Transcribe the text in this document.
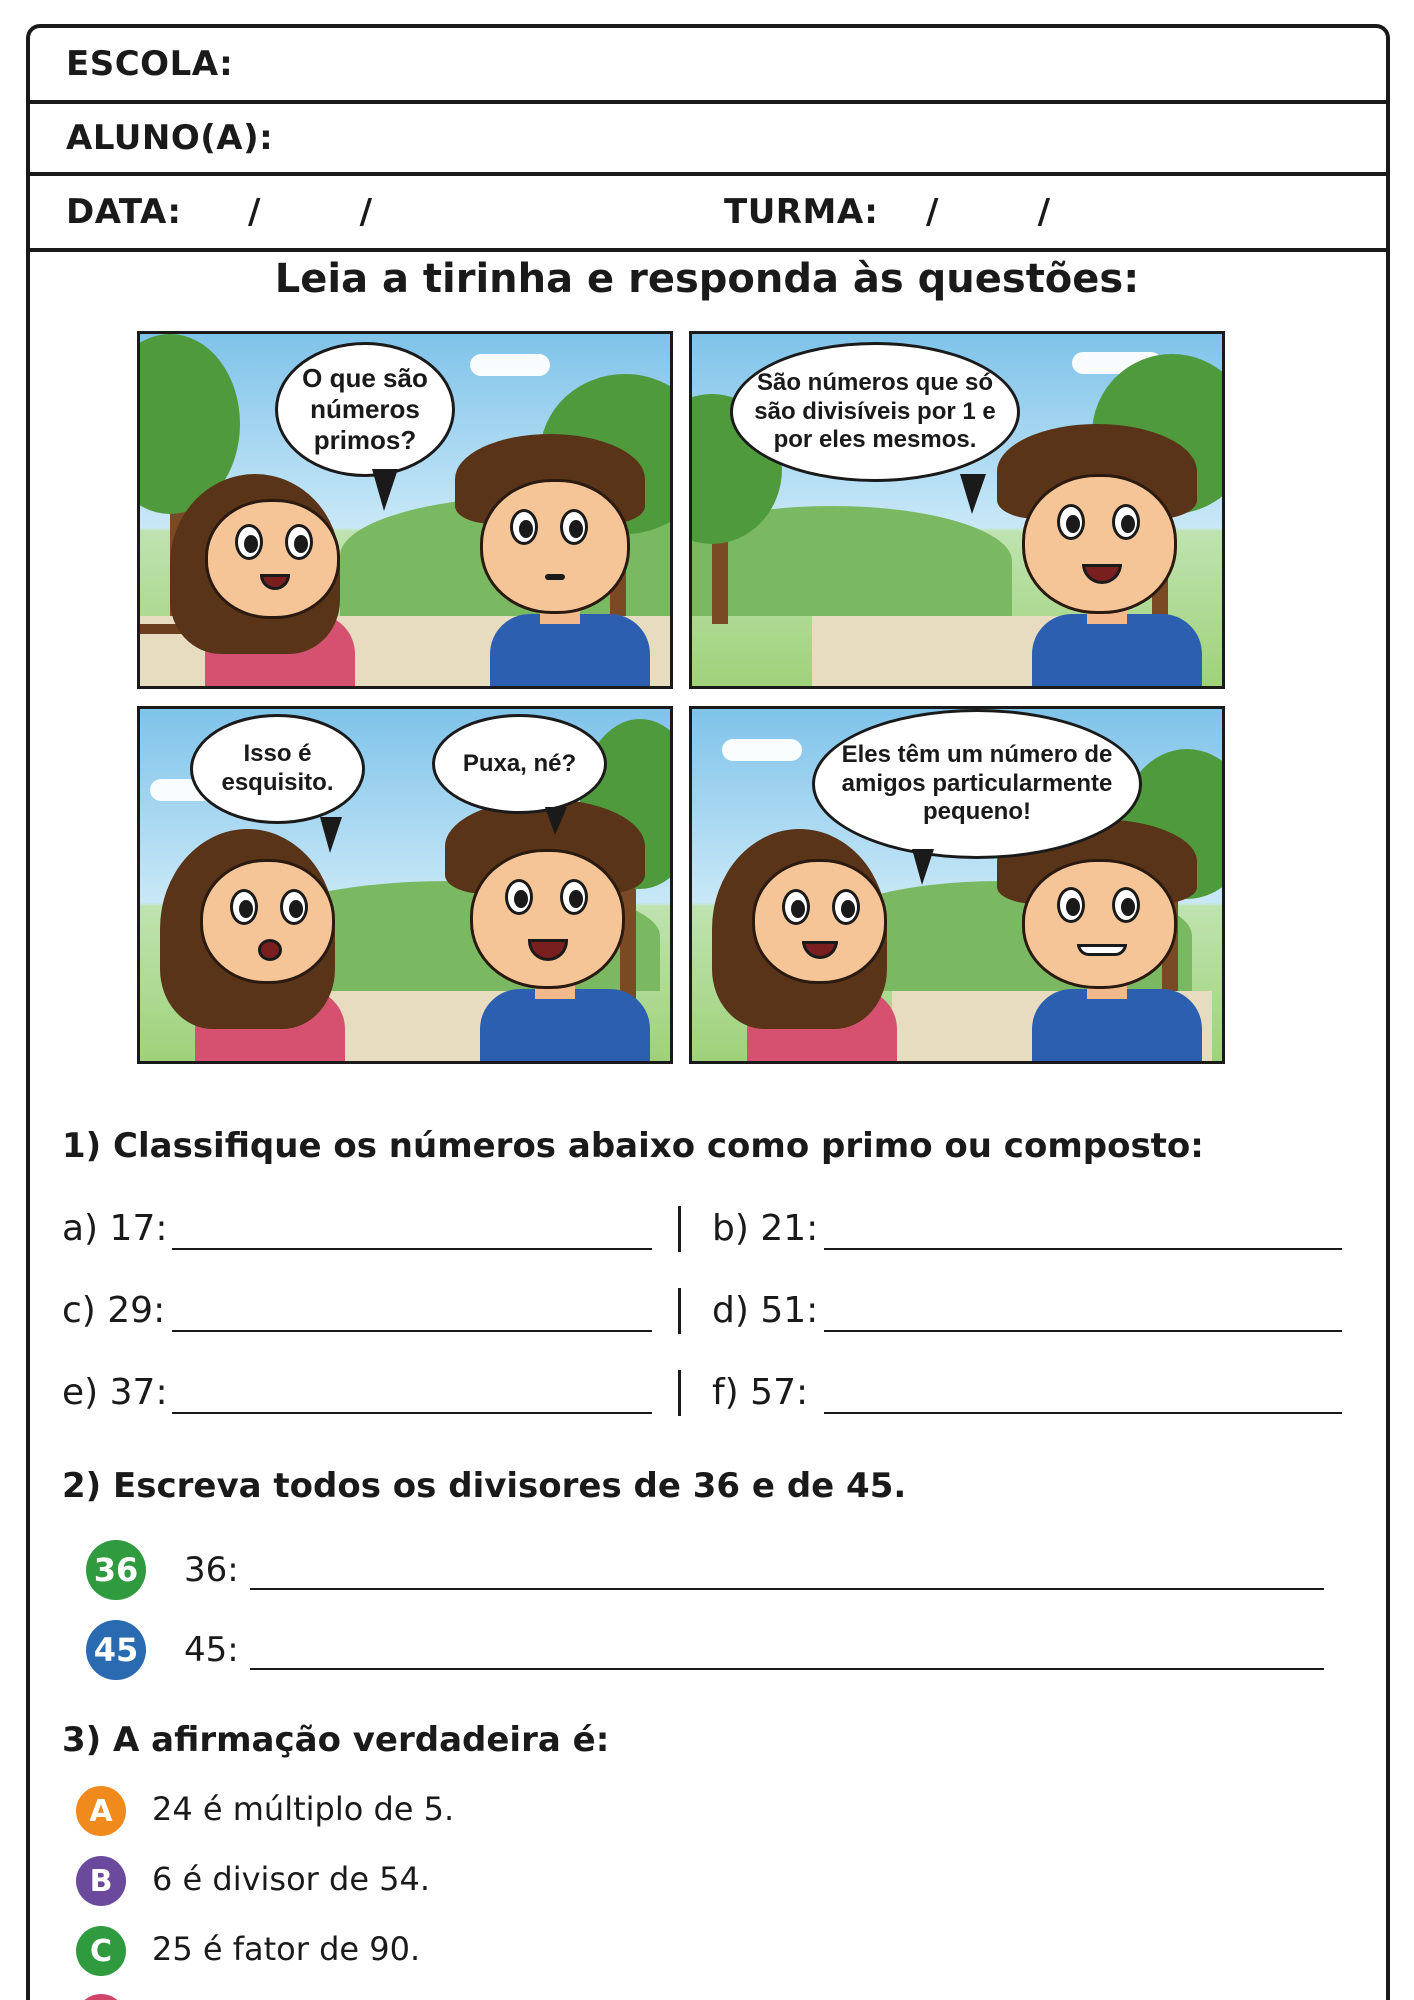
ESCOLA:
ALUNO(A):
DATA: /        /	TURMA: /        /
Leia a tirinha e responda às questões:
O que são números primos?
São números que só são divisíveis por 1 e por eles mesmos.
Isso é esquisito.
Puxa, né?	Eles têm um número de amigos particularmente pequeno!
1) Classifique os números abaixo como primo ou composto:
a) 17:	b) 21:
c) 29:	d) 51:
e) 37:	f) 57:
2) Escreva todos os divisores de 36 e de 45.
36 36:
45 45:
3) A afirmação verdadeira é:
A	24 é múltiplo de 5.
B	6 é divisor de 54.
C	25 é fator de 90.
